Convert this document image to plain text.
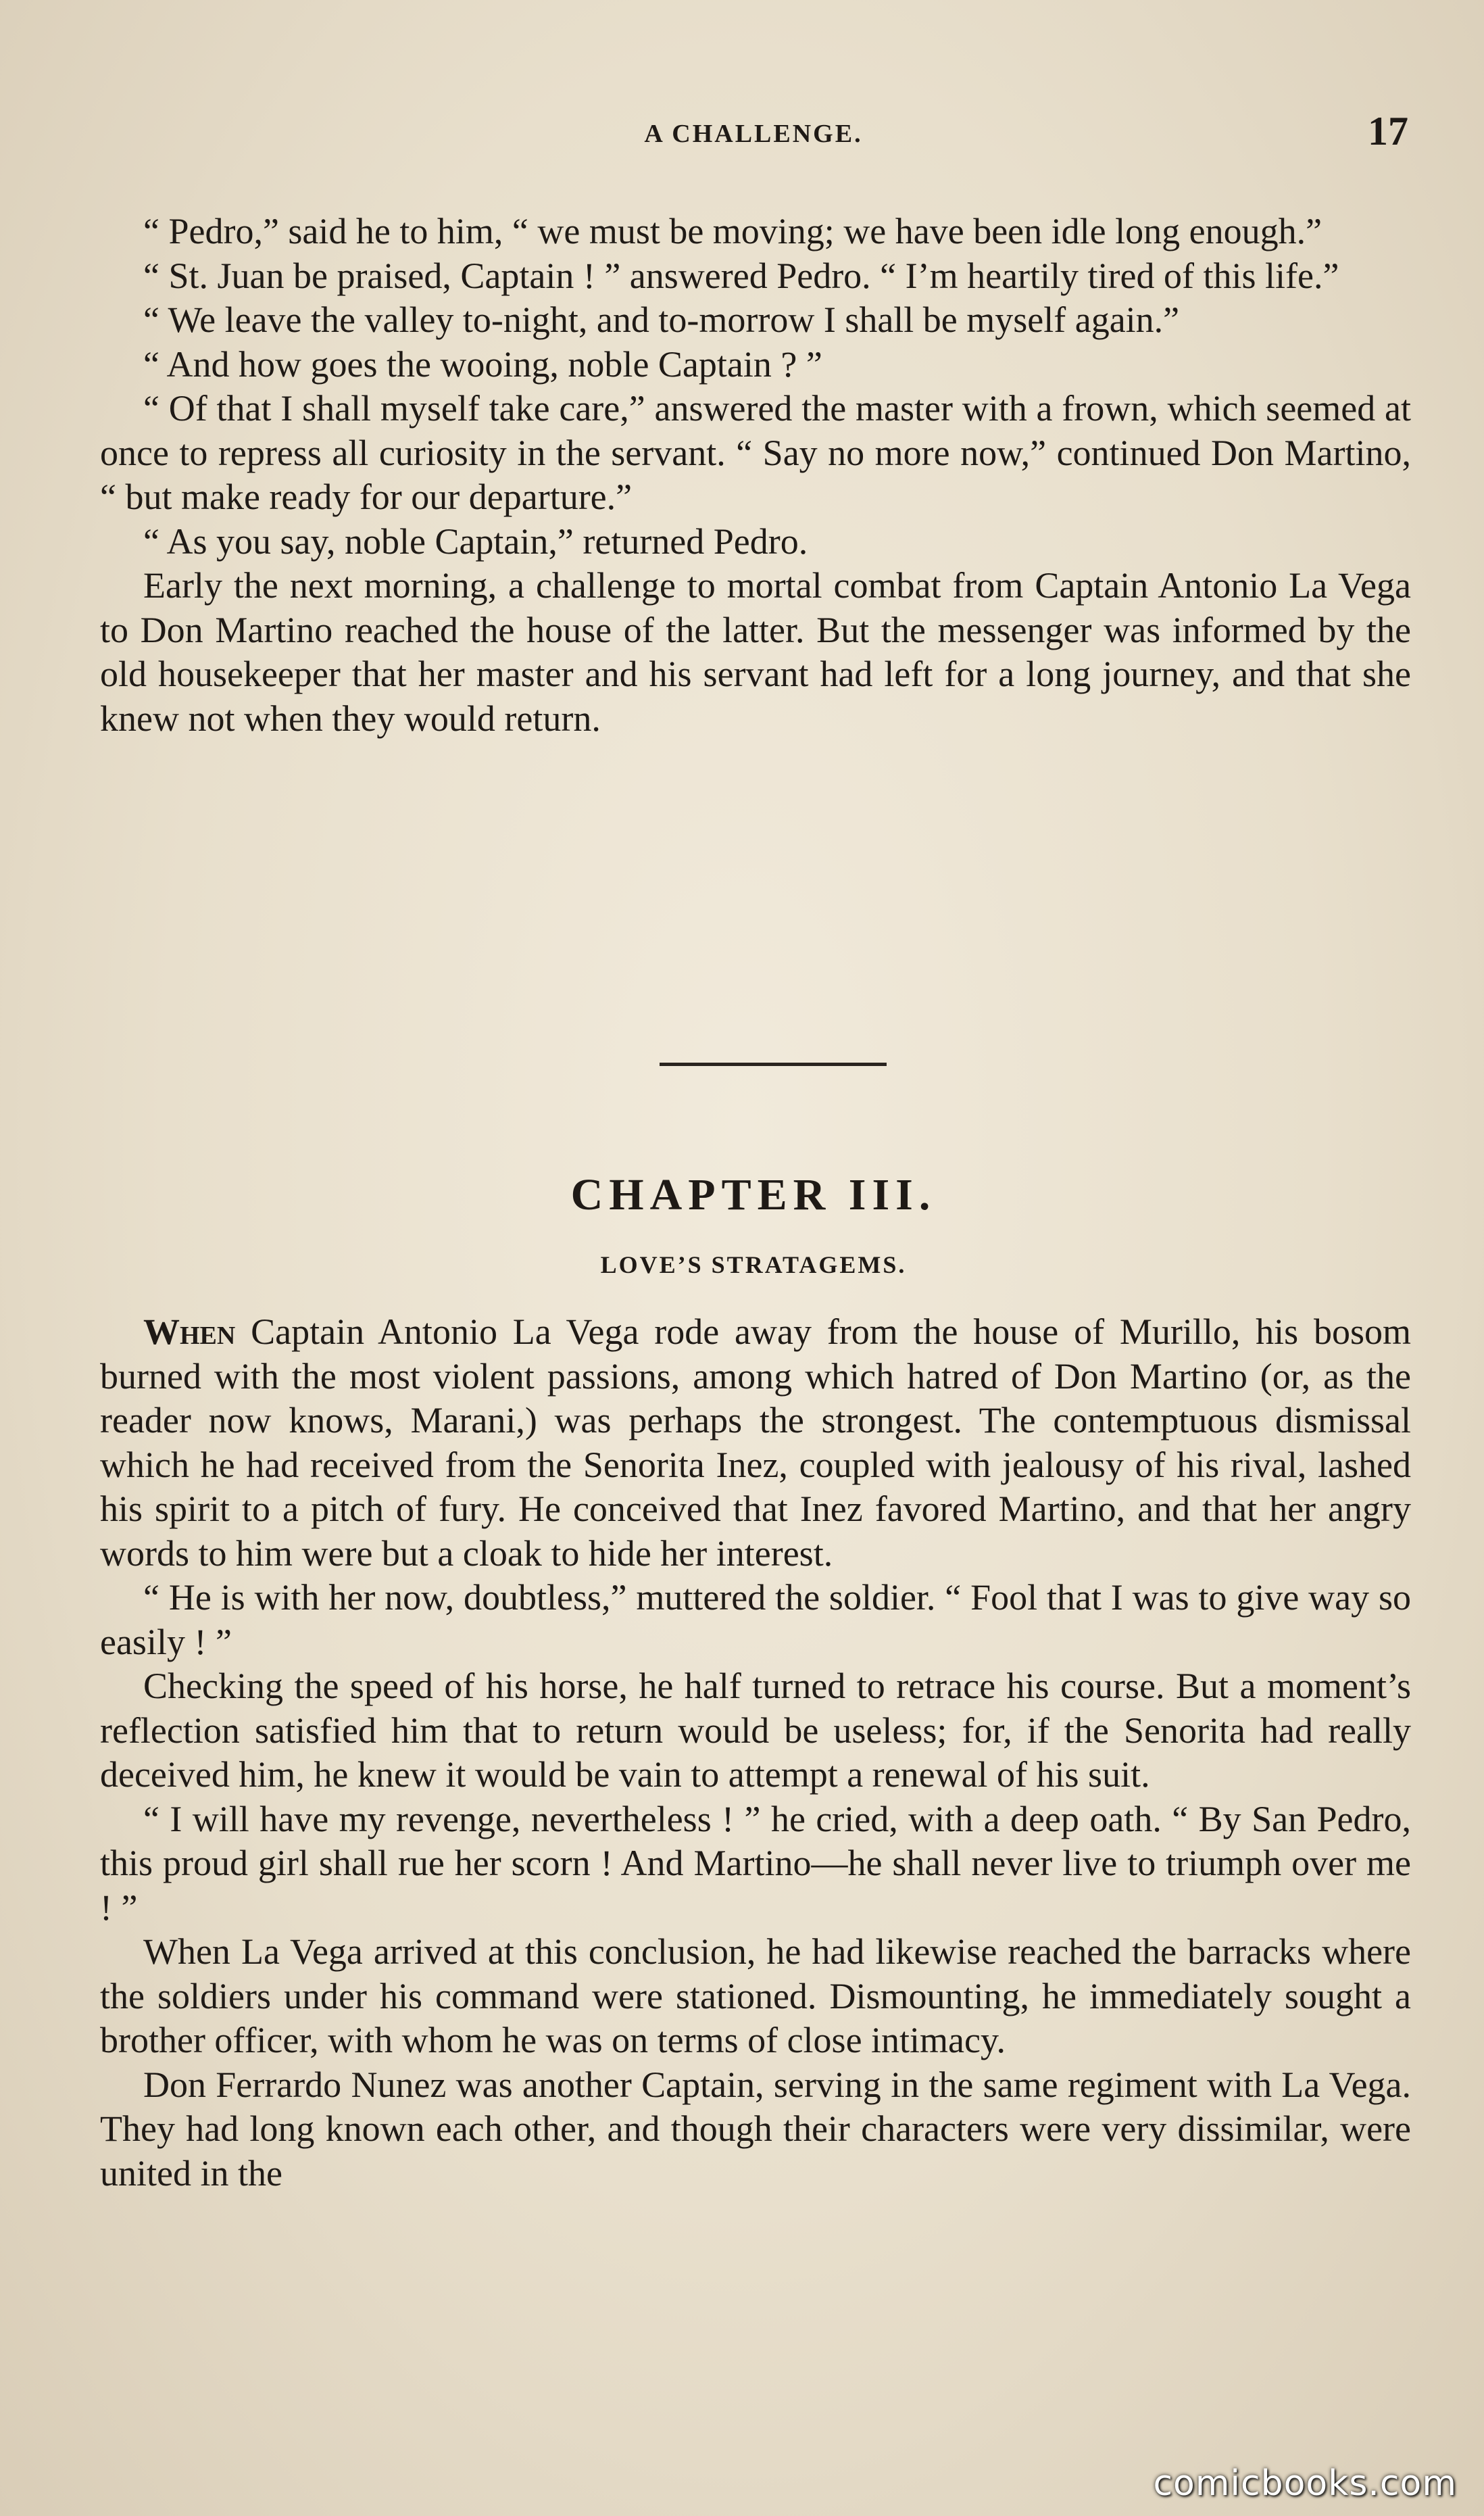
A CHALLENGE.	17

“ Pedro,” said he to him, “ we must be moving; we have been idle long enough.”

“ St. Juan be praised, Captain ! ” answered Pedro. “ I’m heartily tired of this life.”

“ We leave the valley to-night, and to-morrow I shall be myself again.”

“ And how goes the wooing, noble Captain ? ”

“ Of that I shall myself take care,” answered the master with a frown, which seemed at once to repress all curiosity in the servant. “ Say no more now,” continued Don Martino, “ but make ready for our departure.”

“ As you say, noble Captain,” returned Pedro.

Early the next morning, a challenge to mortal combat from Captain Antonio La Vega to Don Martino reached the house of the latter. But the messenger was informed by the old housekeeper that her master and his servant had left for a long journey, and that she knew not when they would return.

CHAPTER III.
LOVE’S STRATAGEMS.

When Captain Antonio La Vega rode away from the house of Murillo, his bosom burned with the most violent passions, among which hatred of Don Martino (or, as the reader now knows, Marani,) was perhaps the strongest. The contemptuous dismissal which he had received from the Senorita Inez, coupled with jealousy of his rival, lashed his spirit to a pitch of fury. He conceived that Inez favored Martino, and that her angry words to him were but a cloak to hide her interest.

“ He is with her now, doubtless,” muttered the soldier. “ Fool that I was to give way so easily ! ”

Checking the speed of his horse, he half turned to retrace his course. But a moment’s reflection satisfied him that to return would be useless; for, if the Senorita had really deceived him, he knew it would be vain to attempt a renewal of his suit.

“ I will have my revenge, nevertheless ! ” he cried, with a deep oath. “ By San Pedro, this proud girl shall rue her scorn ! And Martino—he shall never live to triumph over me ! ”

When La Vega arrived at this conclusion, he had likewise reached the barracks where the soldiers under his command were stationed. Dismounting, he immediately sought a brother officer, with whom he was on terms of close intimacy.

Don Ferrardo Nunez was another Captain, serving in the same regiment with La Vega. They had long known each other, and though their characters were very dissimilar, were united in the

comicbooks.com
